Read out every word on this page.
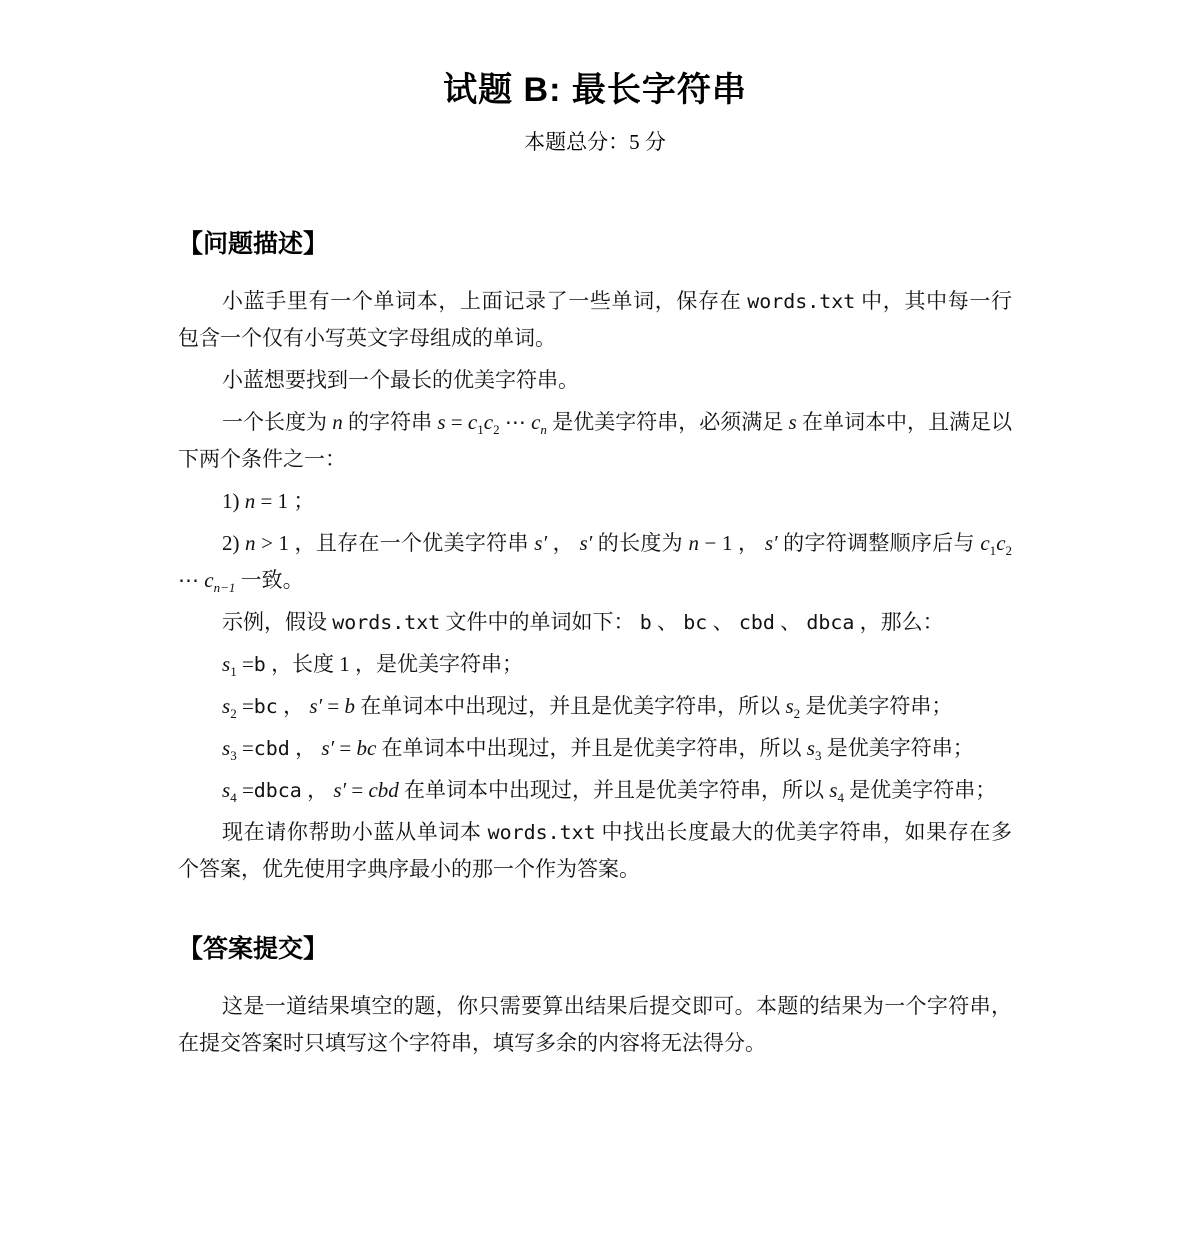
试题 B: 最长字符串
本题总分：5 分
【问题描述】

小蓝手里有一个单词本，上面记录了一些单词，保存在 words.txt 中，其中每一行包含一个仅有小写英文字母组成的单词。

小蓝想要找到一个最长的优美字符串。

一个长度为 n 的字符串 $s = c_1c_2$ ⋯ $c_n$ 是优美字符串，必须满足 s 在单词本中，且满足以下两个条件之一：

1) n = 1 ；

2) n > 1 ，且存在一个优美字符串 s′ ， s′ 的长度为 n − 1 ， s′ 的字符调整顺序后与 $c_1c_2$ ⋯ $c_{n-1}$ 一致。

示例，假设 words.txt 文件中的单词如下： b 、 bc 、 cbd 、 dbca ，那么：

$s_1 =b$ ，长度 1 ，是优美字符串；

$s_2 =bc$ ， s′ = b 在单词本中出现过，并且是优美字符串，所以 $s_2$ 是优美字符串；

$s_3 =cbd$ ， s′ = bc 在单词本中出现过，并且是优美字符串，所以 $s_3$ 是优美字符串；

$s_4$ =dbca ， s′ = cbd 在单词本中出现过，并且是优美字符串，所以 $s_4$ 是优美字符串；

现在请你帮助小蓝从单词本 words.txt 中找出长度最大的优美字符串，如果存在多个答案，优先使用字典序最小的那一个作为答案。

【答案提交】

这是一道结果填空的题，你只需要算出结果后提交即可。本题的结果为一个字符串，在提交答案时只填写这个字符串，填写多余的内容将无法得分。
